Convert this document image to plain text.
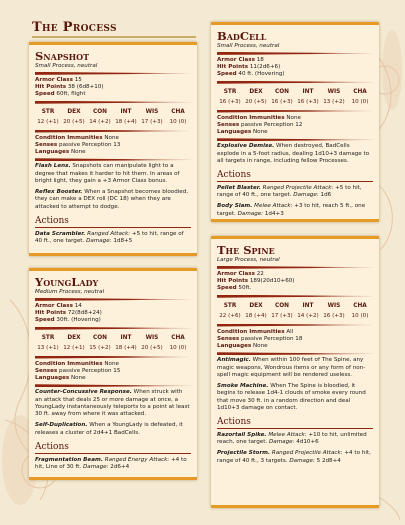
The Process
Snapshot
Small Process, neutral
Armor Class 15
Hit Points 38 (6d8+10)
Speed 60ft, flight
STR	DEX	CON	INT	WIS	CHA
12 (+1) 20 (+5) 14 (+2) 18 (+4) 17 (+3)	10 (0)
Condition Immunities None
Senses passive Perception 13
Languages None

Flash Lens. Snapshots can manipulate light to a degree that makes it harder to hit them. In areas of bright light, they gain a +3 Armor Class bonus.

Reflex Booster. When a Snapshot becomes bloodied, they can make a DEX roll (DC 18) when they are attacked to attempt to dodge.

Actions

Data Scrambler. Ranged Attack: +5 to hit, range of 40 ft., one target. Damage: 1d8+5

BadCell
Small Process, neutral
Armor Class 18
Hit Points 11(2d6+6)
Speed 40 ft. (Hovering)
STR	DEX	CON	INT	WIS	CHA
16 (+3) 20 (+5) 16 (+3) 16 (+3) 13 (+2)	10 (0)
Condition Immunities None
Senses passive Perception 12
Languages None

Explosive Demise. When destroyed, BadCells explode in a 5-foot radius, dealing 1d10+3 damage to all targets in range, including fellow Processes.

Actions

Pellet Blaster. Ranged Projectile Attack: +5 to hit, range of 40 ft., one target. Damage: 1d6

Body Slam. Melee Attack: +3 to hit, reach 5 ft., one target. Damage: 1d4+3

YoungLady
Medium Process, neutral
Armor Class 14
Hit Points 72(8d8+24)
Speed 30ft. (Hovering)
STR	DEX	CON	INT	WIS	CHA
13 (+1) 12 (+1) 15 (+2) 18 (+4) 20 (+5)	10 (0)
Condition Immunities None
Senses passive Perception 15
Languages None

Counter-Concussive Response. When struck with an attack that deals 25 or more damage at once, a YoungLady instantaneously teleports to a point at least 30 ft. away from where it was attacked.

Self-Duplication. When a YoungLady is defeated, it releases a cluster of 2d4+1 BadCells.

Actions

Fragmentation Beam. Ranged Energy Attack: +4 to hit, Line of 30 ft. Damage: 2d6+4

The Spine
Large Process, neutral
Armor Class 22
Hit Points 189(20d10+60)
Speed 50ft.
STR	DEX	CON	INT	WIS	CHA
22 (+6) 18 (+4) 17 (+3) 14 (+2) 16 (+3)	10 (0)
Condition Immunities All
Senses passive Perception 18
Languages None

Antimagic. When within 100 feet of The Spine, any magic weapons, Wondrous items or any form of non-spell magic equipment will be rendered useless.

Smoke Machine. When The Spine is bloodied, it begins to release 1d4-1 clouds of smoke every round that move 30 ft. in a random direction and deal 1d10+3 damage on contact.

Actions

Razortail Spike. Melee Attack: +10 to hit, unlimited reach, one target. Damage: 4d10+6

Projectile Storm. Ranged Projectile Attack: +4 to hit, range of 40 ft., 3 targets. Damage: 5 2d8+4
